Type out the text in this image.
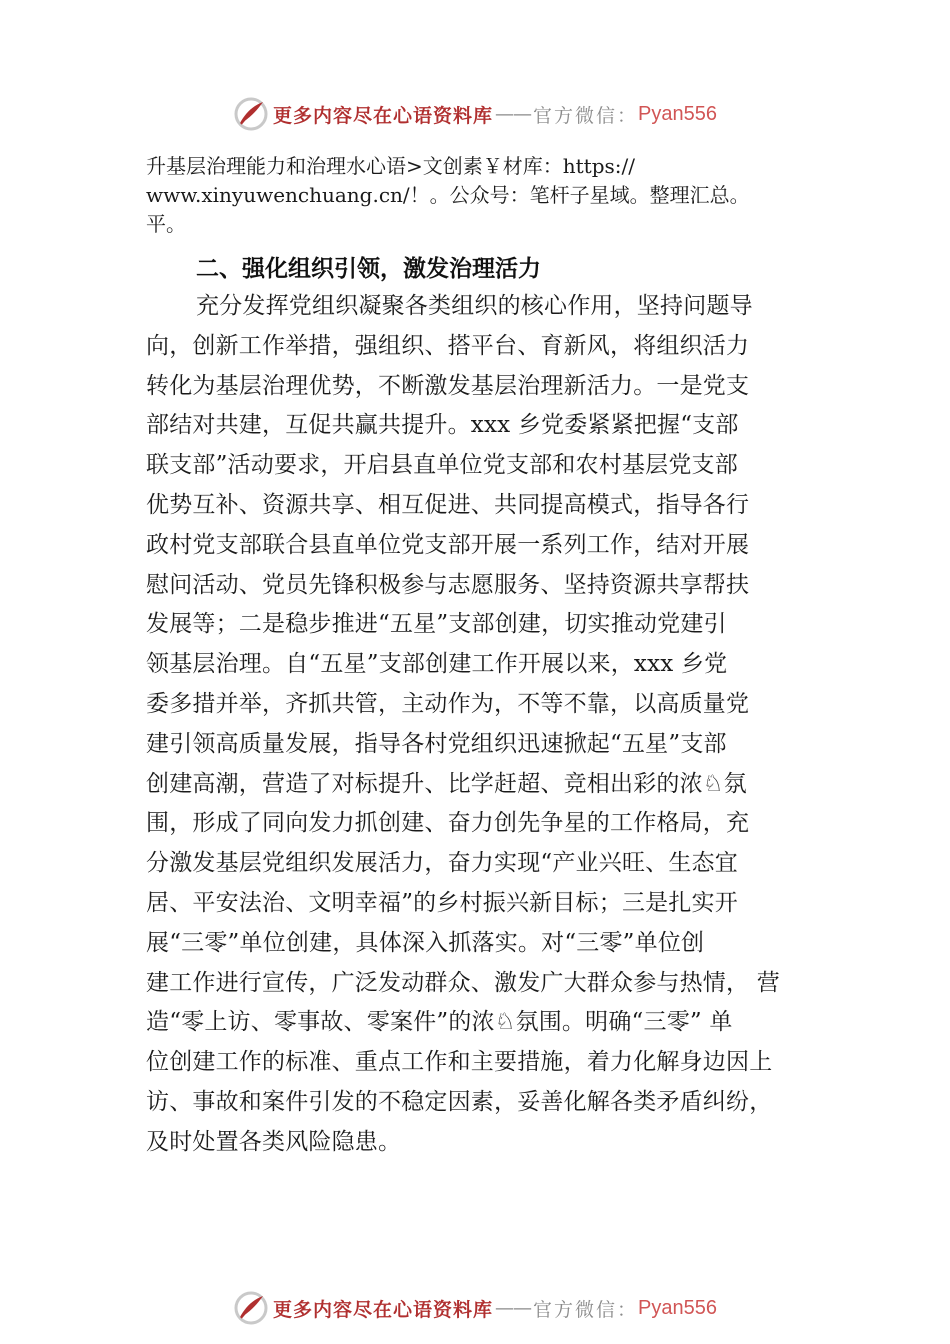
更多内容尽在心语资料库 —— 官方微信： Pyan556

升基层治理能力和治理水心语>文创素￥材库：https://

www.xinyuwenchuang.cn/！。公众号：笔杆子星域。整理汇总。

平。

二、强化组织引领，激发治理活力

充分发挥党组织凝聚各类组织的核心作用，坚持问题导

向，创新工作举措，强组织、搭平台、育新风，将组织活力

转化为基层治理优势，不断激发基层治理新活力。一是党支

部结对共建，互促共赢共提升。xxx 乡党委紧紧把握“支部

联支部”活动要求，开启县直单位党支部和农村基层党支部

优势互补、资源共享、相互促进、共同提高模式，指导各行

政村党支部联合县直单位党支部开展一系列工作，结对开展

慰问活动、党员先锋积极参与志愿服务、坚持资源共享帮扶

发展等；二是稳步推进“五星”支部创建，切实推动党建引

领基层治理。自“五星”支部创建工作开展以来，xxx 乡党

委多措并举，齐抓共管，主动作为，不等不靠，以高质量党

建引领高质量发展，指导各村党组织迅速掀起“五星”支部

创建高潮，营造了对标提升、比学赶超、竞相出彩的浓♘氛

围，形成了同向发力抓创建、奋力创先争星的工作格局，充

分激发基层党组织发展活力，奋力实现“产业兴旺、生态宜

居、平安法治、文明幸福”的乡村振兴新目标；三是扎实开

展“三零”单位创建，具体深入抓落实。对“三零”单位创

建工作进行宣传，广泛发动群众、激发广大群众参与热情， 营

造“零上访、零事故、零案件”的浓♘氛围。明确“三零” 单

位创建工作的标准、重点工作和主要措施，着力化解身边因上

访、事故和案件引发的不稳定因素，妥善化解各类矛盾纠纷，

及时处置各类风险隐患。

更多内容尽在心语资料库 —— 官方微信： Pyan556
